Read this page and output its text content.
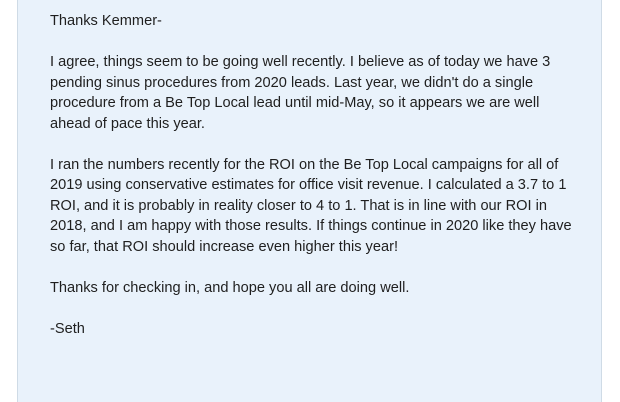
Thanks Kemmer-

I agree, things seem to be going well recently. I believe as of today we have 3 pending sinus procedures from 2020 leads. Last year, we didn't do a single procedure from a Be Top Local lead until mid-May, so it appears we are well ahead of pace this year.

I ran the numbers recently for the ROI on the Be Top Local campaigns for all of 2019 using conservative estimates for office visit revenue. I calculated a 3.7 to 1 ROI, and it is probably in reality closer to 4 to 1. That is in line with our ROI in 2018, and I am happy with those results. If things continue in 2020 like they have so far, that ROI should increase even higher this year!

Thanks for checking in, and hope you all are doing well.

-Seth
